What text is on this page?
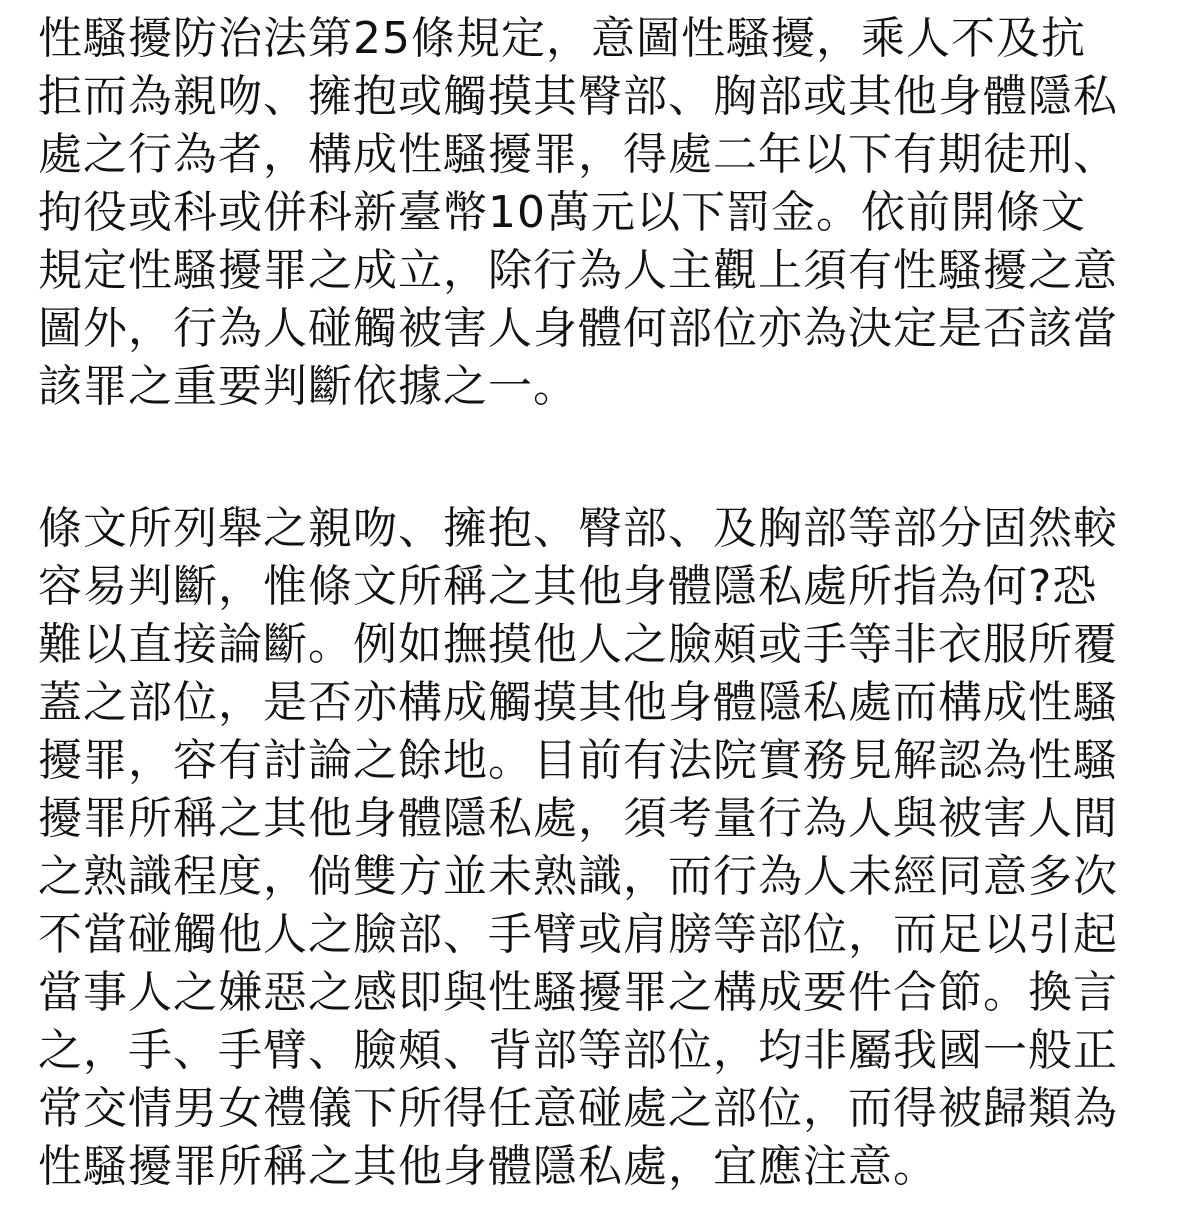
性騷擾防治法第25條規定，意圖性騷擾，乘人不及抗
拒而為親吻、擁抱或觸摸其臀部、胸部或其他身體隱私
處之行為者，構成性騷擾罪，得處二年以下有期徒刑、
拘役或科或併科新臺幣10萬元以下罰金。依前開條文
規定性騷擾罪之成立，除行為人主觀上須有性騷擾之意
圖外，行為人碰觸被害人身體何部位亦為決定是否該當
該罪之重要判斷依據之一。
條文所列舉之親吻、擁抱、臀部、及胸部等部分固然較
容易判斷，惟條文所稱之其他身體隱私處所指為何?恐
難以直接論斷。例如撫摸他人之臉頰或手等非衣服所覆
蓋之部位，是否亦構成觸摸其他身體隱私處而構成性騷
擾罪，容有討論之餘地。目前有法院實務見解認為性騷
擾罪所稱之其他身體隱私處，須考量行為人與被害人間
之熟識程度，倘雙方並未熟識，而行為人未經同意多次
不當碰觸他人之臉部、手臂或肩膀等部位，而足以引起
當事人之嫌惡之感即與性騷擾罪之構成要件合節。換言
之，手、手臂、臉頰、背部等部位，均非屬我國一般正
常交情男女禮儀下所得任意碰處之部位，而得被歸類為
性騷擾罪所稱之其他身體隱私處，宜應注意。
